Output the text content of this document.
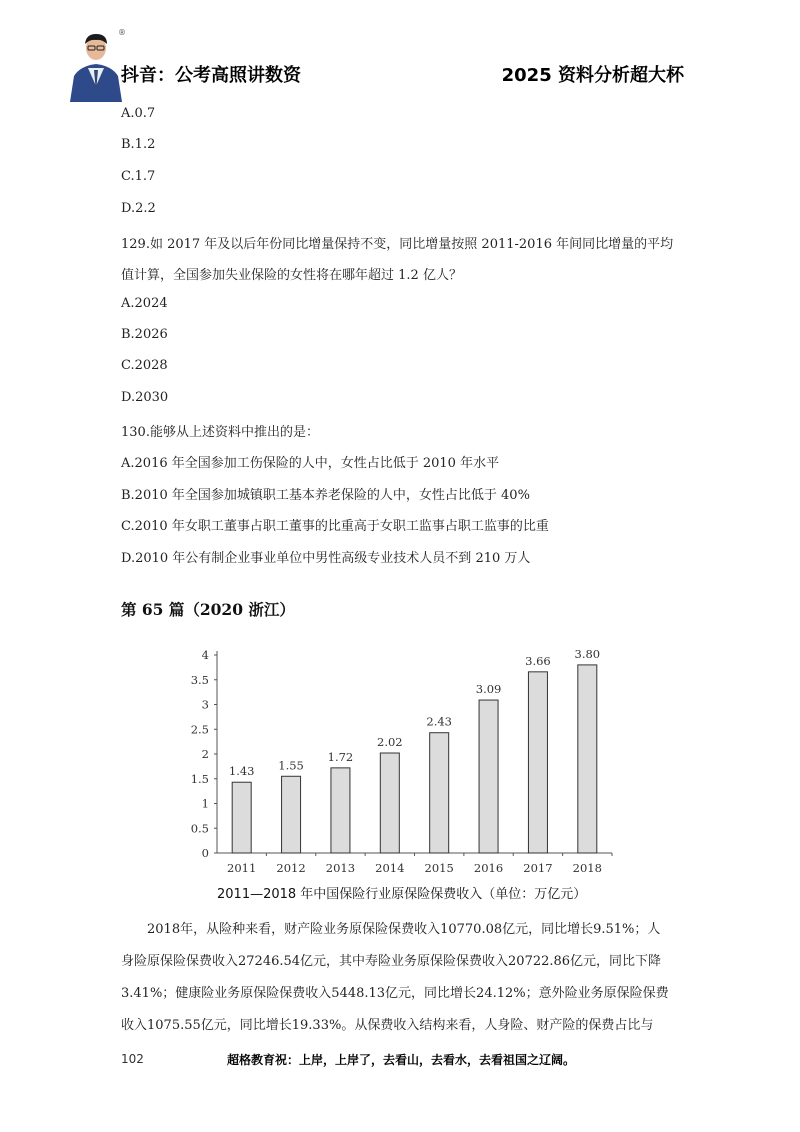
®
抖音：公考高照讲数资	2025 资料分析超大杯
A.0.7
B.1.2
C.1.7
D.2.2
129.如 2017 年及以后年份同比增量保持不变，同比增量按照 2011-2016 年间同比增量的平均
值计算，全国参加失业保险的女性将在哪年超过 1.2 亿人？
A.2024
B.2026
C.2028
D.2030
130.能够从上述资料中推出的是：
A.2016 年全国参加工伤保险的人中，女性占比低于 2010 年水平
B.2010 年全国参加城镇职工基本养老保险的人中，女性占比低于 40%
C.2010 年女职工董事占职工董事的比重高于女职工监事占职工监事的比重
D.2010 年公有制企业事业单位中男性高级专业技术人员不到 210 万人
第 65 篇（2020 浙江）
0
0.5
1
1.5
2
2.5
3
3.5
4
1.43
2011
1.55
2012
1.72
2013
2.02
2014
2.43
2015
3.09
2016
3.66
2017
3.80
2018
2011—2018 年中国保险行业原保险保费收入（单位：万亿元）
　　2018年，从险种来看，财产险业务原保险保费收入10770.08亿元，同比增长9.51%；人
身险原保险保费收入27246.54亿元，其中寿险业务原保险保费收入20722.86亿元，同比下降
3.41%；健康险业务原保险保费收入5448.13亿元，同比增长24.12%；意外险业务原保险保费
收入1075.55亿元，同比增长19.33%。从保费收入结构来看，人身险、财产险的保费占比与
102	超格教育祝：上岸，上岸了，去看山，去看水，去看祖国之辽阔。
